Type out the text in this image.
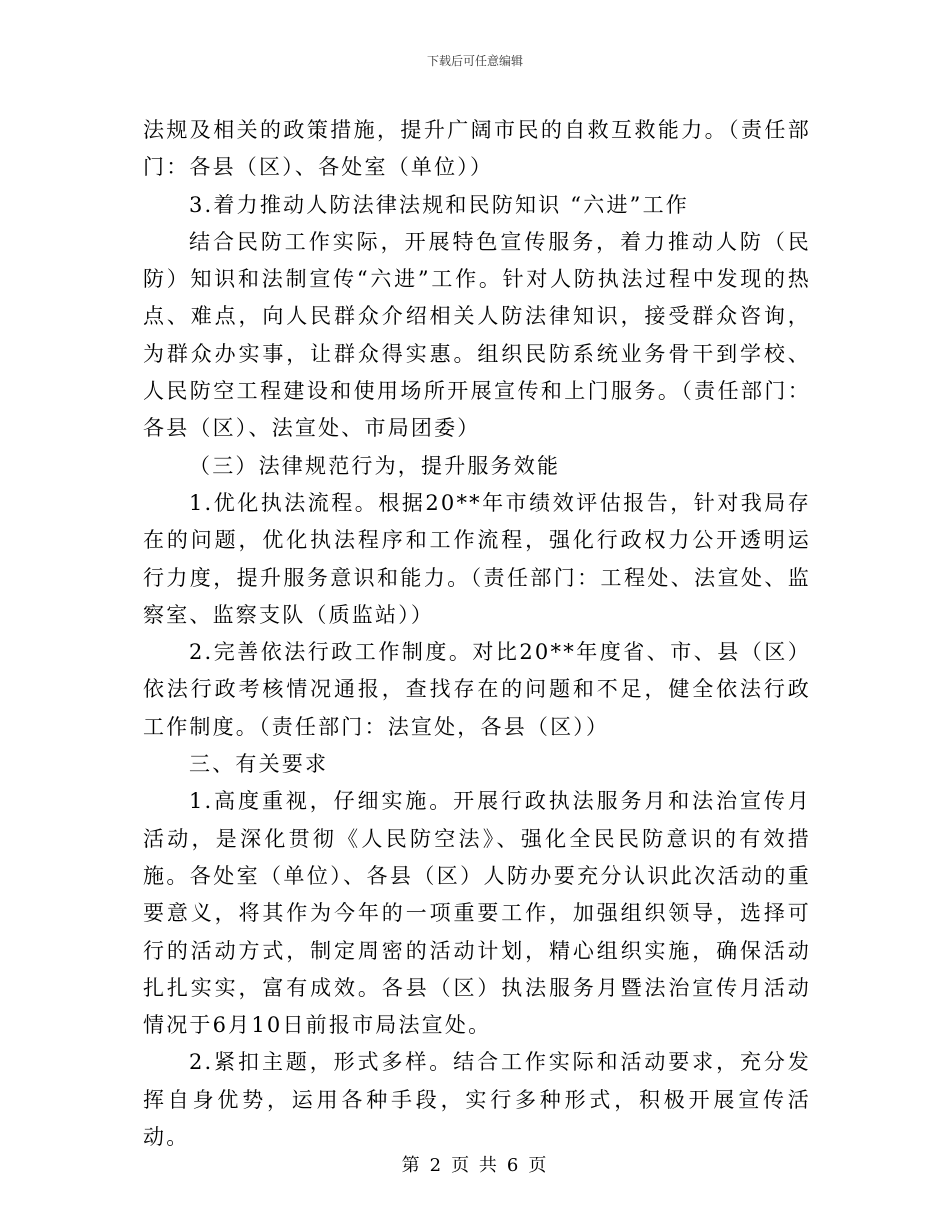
下载后可任意编辑

法规及相关的政策措施，提升广阔市民的自救互救能力。（责任部门：各县（区）、各处室（单位））

3.着力推动人防法律法规和民防知识 “六进”工作

结合民防工作实际，开展特色宣传服务，着力推动人防（民防）知识和法制宣传“六进”工作。针对人防执法过程中发现的热点、难点，向人民群众介绍相关人防法律知识，接受群众咨询，为群众办实事，让群众得实惠。组织民防系统业务骨干到学校、人民防空工程建设和使用场所开展宣传和上门服务。（责任部门：各县（区）、法宣处、市局团委）

（三）法律规范行为，提升服务效能

1.优化执法流程。根据20**年市绩效评估报告，针对我局存在的问题，优化执法程序和工作流程，强化行政权力公开透明运行力度，提升服务意识和能力。（责任部门：工程处、法宣处、监察室、监察支队（质监站））

2.完善依法行政工作制度。对比20**年度省、市、县（区）依法行政考核情况通报，查找存在的问题和不足，健全依法行政工作制度。（责任部门：法宣处，各县（区））

三、有关要求

1.高度重视，仔细实施。开展行政执法服务月和法治宣传月活动，是深化贯彻《人民防空法》、强化全民民防意识的有效措施。各处室（单位）、各县（区）人防办要充分认识此次活动的重要意义，将其作为今年的一项重要工作，加强组织领导，选择可行的活动方式，制定周密的活动计划，精心组织实施，确保活动扎扎实实，富有成效。各县（区）执法服务月暨法治宣传月活动情况于6月10日前报市局法宣处。

2.紧扣主题，形式多样。结合工作实际和活动要求，充分发挥自身优势，运用各种手段，实行多种形式，积极开展宣传活动。

第 2 页 共 6 页
